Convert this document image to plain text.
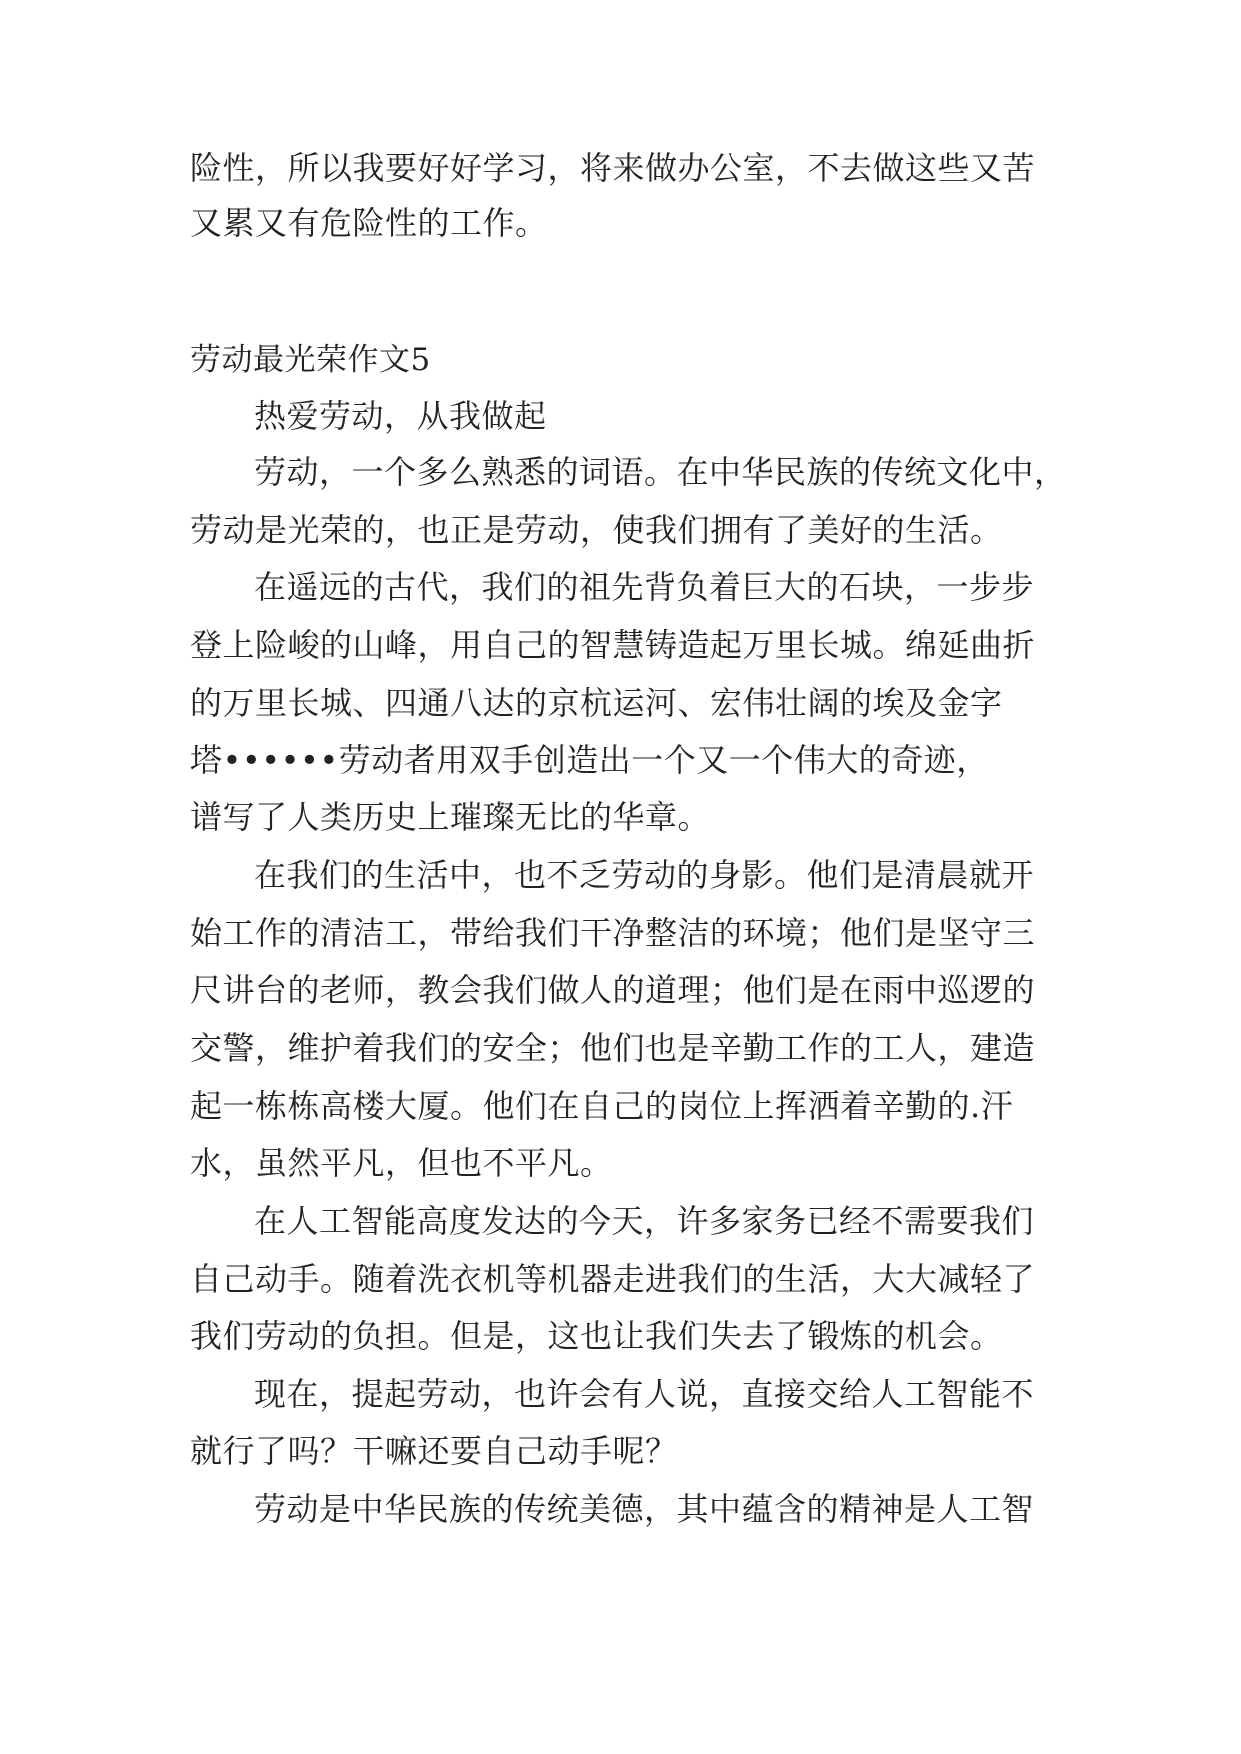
险性，所以我要好好学习，将来做办公室，不去做这些又苦
又累又有危险性的工作。
劳动最光荣作文5
热爱劳动，从我做起
劳动，一个多么熟悉的词语。在中华民族的传统文化中，
劳动是光荣的，也正是劳动，使我们拥有了美好的生活。
在遥远的古代，我们的祖先背负着巨大的石块，一步步
登上险峻的山峰，用自己的智慧铸造起万里长城。绵延曲折
的万里长城、四通八达的京杭运河、宏伟壮阔的埃及金字
塔••••••劳动者用双手创造出一个又一个伟大的奇迹，
谱写了人类历史上璀璨无比的华章。
在我们的生活中，也不乏劳动的身影。他们是清晨就开
始工作的清洁工，带给我们干净整洁的环境；他们是坚守三
尺讲台的老师，教会我们做人的道理；他们是在雨中巡逻的
交警，维护着我们的安全；他们也是辛勤工作的工人，建造
起一栋栋高楼大厦。他们在自己的岗位上挥洒着辛勤的.汗
水，虽然平凡，但也不平凡。
在人工智能高度发达的今天，许多家务已经不需要我们
自己动手。随着洗衣机等机器走进我们的生活，大大减轻了
我们劳动的负担。但是，这也让我们失去了锻炼的机会。
现在，提起劳动，也许会有人说，直接交给人工智能不
就行了吗？干嘛还要自己动手呢？
劳动是中华民族的传统美德，其中蕴含的精神是人工智
